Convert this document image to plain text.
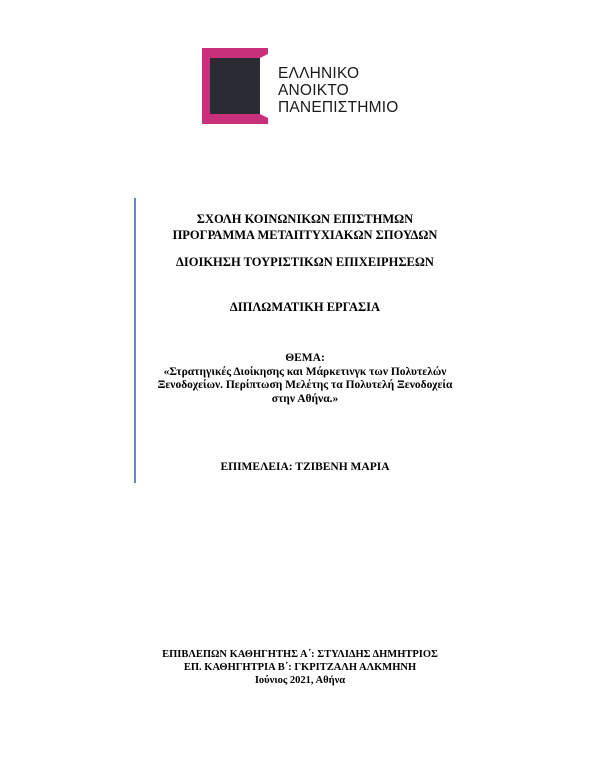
ΕΛΛΗΝΙΚΟ
ΑΝΟΙΚΤΟ
ΠΑΝΕΠΙΣΤΗΜΙΟ
ΣΧΟΛΗ ΚΟΙΝΩΝΙΚΩΝ ΕΠΙΣΤΗΜΩΝ
ΠΡΟΓΡΑΜΜΑ ΜΕΤΑΠΤΥΧΙΑΚΩΝ ΣΠΟΥΔΩΝ
ΔΙΟΙΚΗΣΗ ΤΟΥΡΙΣΤΙΚΩΝ ΕΠΙΧΕΙΡΗΣΕΩΝ
ΔΙΠΛΩΜΑΤΙΚΗ ΕΡΓΑΣΙΑ
ΘΕΜΑ:
«Στρατηγικές Διοίκησης και Μάρκετινγκ των Πολυτελών
Ξενοδοχείων. Περίπτωση Μελέτης τα Πολυτελή Ξενοδοχεία
στην Αθήνα.»
ΕΠΙΜΕΛΕΙΑ: ΤΖΙΒΕΝΗ ΜΑΡΙΑ
ΕΠΙΒΛΕΠΩΝ ΚΑΘΗΓΗΤΗΣ Α΄: ΣΤΥΛΙΔΗΣ ΔΗΜΗΤΡΙΟΣ
ΕΠ. ΚΑΘΗΓΗΤΡΙΑ Β΄: ΓΚΡΙΤΖΑΛΗ ΑΛΚΜΗΝΗ
Ιούνιος 2021, Αθήνα
